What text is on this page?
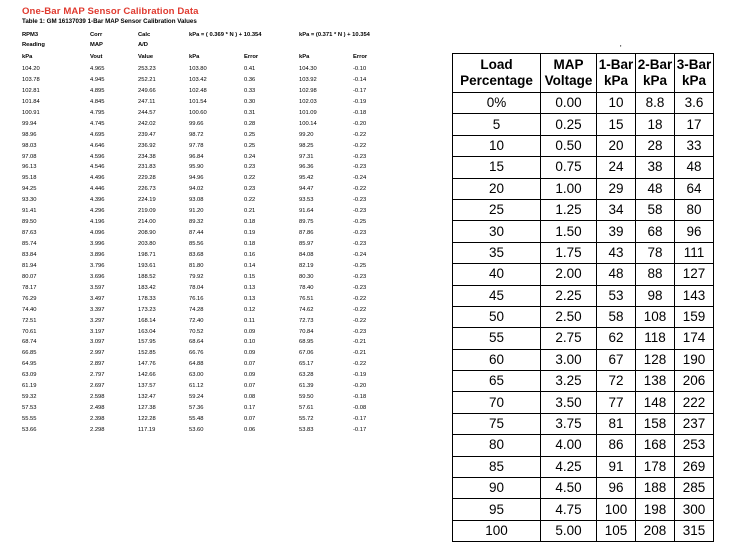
One-Bar MAP Sensor Calibration Data
Table 1: GM 16137039 1-Bar MAP Sensor Calibration Values
RPM3	Corr	Calc	kPa = ( 0.369 * N ) + 10.354	kPa = (0.371 * N ) + 10.354
Reading	MAP	A/D
kPa	Vout	Value	kPa	Error	kPa	Error
104.20	4.965	253.23	103.80	0.41	104.30	-0.10
103.78	4.945	252.21	103.42	0.36	103.92	-0.14
102.81	4.895	249.66	102.48	0.33	102.98	-0.17
101.84	4.845	247.11	101.54	0.30	102.03	-0.19
100.91	4.795	244.57	100.60	0.31	101.09	-0.18
99.94	4.745	242.02	99.66	0.28	100.14	-0.20
98.96	4.695	239.47	98.72	0.25	99.20	-0.22
98.03	4.646	236.92	97.78	0.25	98.25	-0.22
97.08	4.596	234.38	96.84	0.24	97.31	-0.23
96.13	4.546	231.83	95.90	0.23	96.36	-0.23
95.18	4.496	229.28	94.96	0.22	95.42	-0.24
94.25	4.446	226.73	94.02	0.23	94.47	-0.22
93.30	4.396	224.19	93.08	0.22	93.53	-0.23
91.41	4.296	219.09	91.20	0.21	91.64	-0.23
89.50	4.196	214.00	89.32	0.18	89.75	-0.25
87.63	4.096	208.90	87.44	0.19	87.86	-0.23
85.74	3.996	203.80	85.56	0.18	85.97	-0.23
83.84	3.896	198.71	83.68	0.16	84.08	-0.24
81.94	3.796	193.61	81.80	0.14	82.19	-0.25
80.07	3.696	188.52	79.92	0.15	80.30	-0.23
78.17	3.597	183.42	78.04	0.13	78.40	-0.23
76.29	3.497	178.33	76.16	0.13	76.51	-0.22
74.40	3.397	173.23	74.28	0.12	74.62	-0.22
72.51	3.297	168.14	72.40	0.11	72.73	-0.22
70.61	3.197	163.04	70.52	0.09	70.84	-0.23
68.74	3.097	157.95	68.64	0.10	68.95	-0.21
66.85	2.997	152.85	66.76	0.09	67.06	-0.21
64.95	2.897	147.76	64.88	0.07	65.17	-0.22
63.09	2.797	142.66	63.00	0.09	63.28	-0.19
61.19	2.697	137.57	61.12	0.07	61.39	-0.20
59.32	2.598	132.47	59.24	0.08	59.50	-0.18
57.53	2.498	127.38	57.36	0.17	57.61	-0.08
55.55	2.398	122.28	55.48	0.07	55.72	-0.17
53.66	2.298	117.19	53.60	0.06	53.83	-0.17
'
Load Percentage	MAP Voltage	1-Bar kPa	2-Bar kPa	3-Bar kPa
0%	0.00	10	8.8	3.6
5	0.25	15	18	17
10	0.50	20	28	33
15	0.75	24	38	48
20	1.00	29	48	64
25	1.25	34	58	80
30	1.50	39	68	96
35	1.75	43	78	111
40	2.00	48	88	127
45	2.25	53	98	143
50	2.50	58	108	159
55	2.75	62	118	174
60	3.00	67	128	190
65	3.25	72	138	206
70	3.50	77	148	222
75	3.75	81	158	237
80	4.00	86	168	253
85	4.25	91	178	269
90	4.50	96	188	285
95	4.75	100	198	300
100	5.00	105	208	315
